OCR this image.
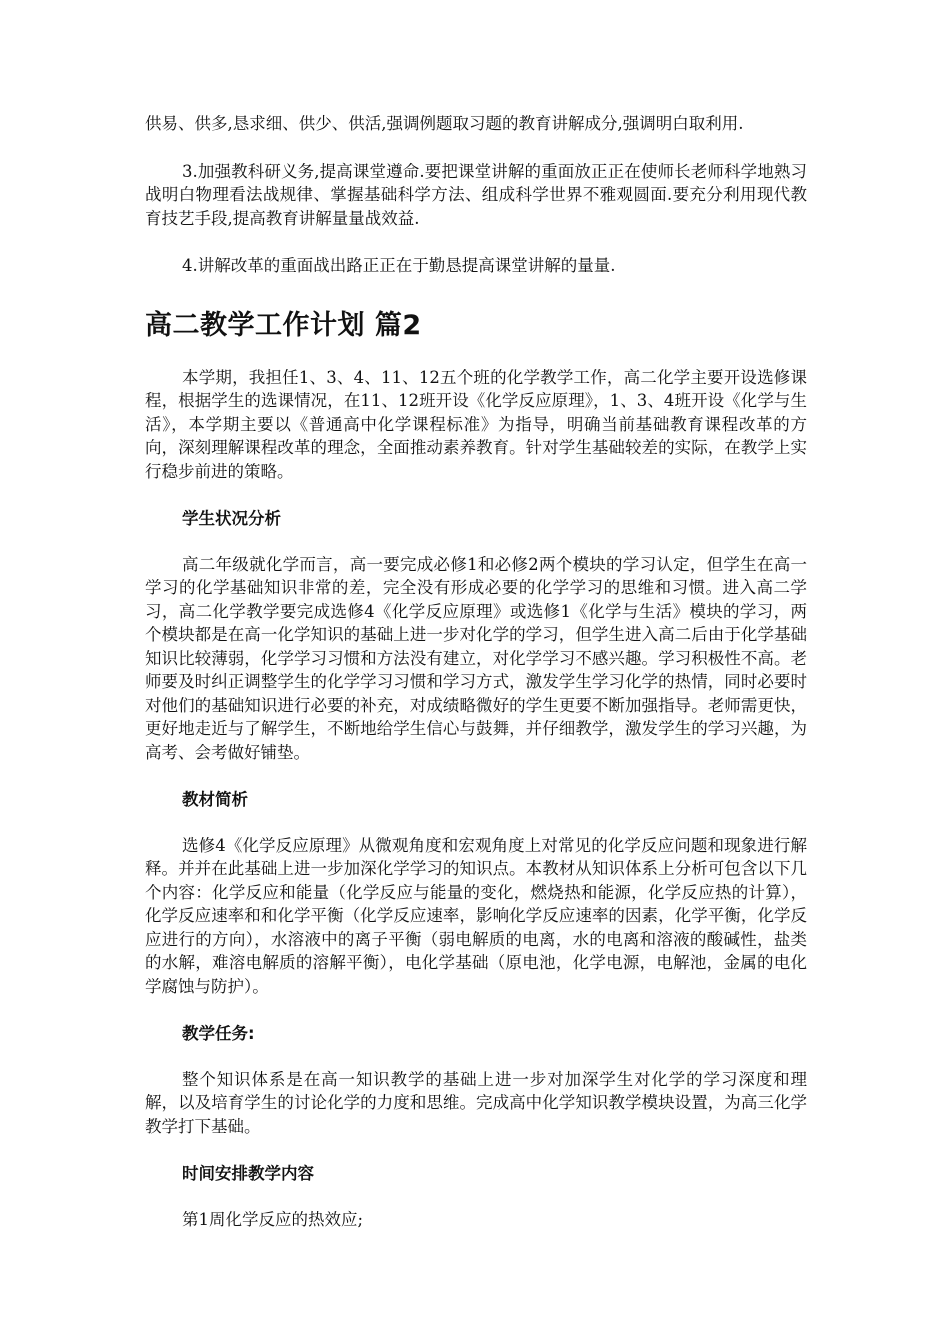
供易、供多,恳求细、供少、供活,强调例题取习题的教育讲解成分,强调明白取利用.

3.加强教科研义务,提高课堂遵命.要把课堂讲解的重面放正正在使师长老师科学地熟习战明白物理看法战规律、掌握基础科学方法、组成科学世界不雅观圆面.要充分利用现代教育技艺手段,提高教育讲解量量战效益.

4.讲解改革的重面战出路正正在于勤恳提高课堂讲解的量量.

高二教学工作计划 篇2

本学期，我担任1、3、4、11、12五个班的化学教学工作，高二化学主要开设选修课程，根据学生的选课情况，在11、12班开设《化学反应原理》，1、3、4班开设《化学与生活》，本学期主要以《普通高中化学课程标准》为指导，明确当前基础教育课程改革的方向，深刻理解课程改革的理念，全面推动素养教育。针对学生基础较差的实际，在教学上实行稳步前进的策略。

学生状况分析

高二年级就化学而言，高一要完成必修1和必修2两个模块的学习认定，但学生在高一学习的化学基础知识非常的差，完全没有形成必要的化学学习的思维和习惯。进入高二学习，高二化学教学要完成选修4《化学反应原理》或选修1《化学与生活》模块的学习，两个模块都是在高一化学知识的基础上进一步对化学的学习，但学生进入高二后由于化学基础知识比较薄弱，化学学习习惯和方法没有建立，对化学学习不感兴趣。学习积极性不高。老师要及时纠正调整学生的化学学习习惯和学习方式，激发学生学习化学的热情，同时必要时对他们的基础知识进行必要的补充，对成绩略微好的学生更要不断加强指导。老师需更快，更好地走近与了解学生，不断地给学生信心与鼓舞，并仔细教学，激发学生的学习兴趣，为高考、会考做好铺垫。

教材简析

选修4《化学反应原理》从微观角度和宏观角度上对常见的化学反应问题和现象进行解释。并并在此基础上进一步加深化学学习的知识点。本教材从知识体系上分析可包含以下几个内容：化学反应和能量（化学反应与能量的变化，燃烧热和能源，化学反应热的计算），化学反应速率和和化学平衡（化学反应速率，影响化学反应速率的因素，化学平衡，化学反应进行的方向），水溶液中的离子平衡（弱电解质的电离，水的电离和溶液的酸碱性，盐类的水解，难溶电解质的溶解平衡），电化学基础（原电池，化学电源，电解池，金属的电化学腐蚀与防护）。

教学任务:

整个知识体系是在高一知识教学的基础上进一步对加深学生对化学的学习深度和理解，以及培育学生的讨论化学的力度和思维。完成高中化学知识教学模块设置，为高三化学教学打下基础。

时间安排教学内容

第1周化学反应的热效应;
